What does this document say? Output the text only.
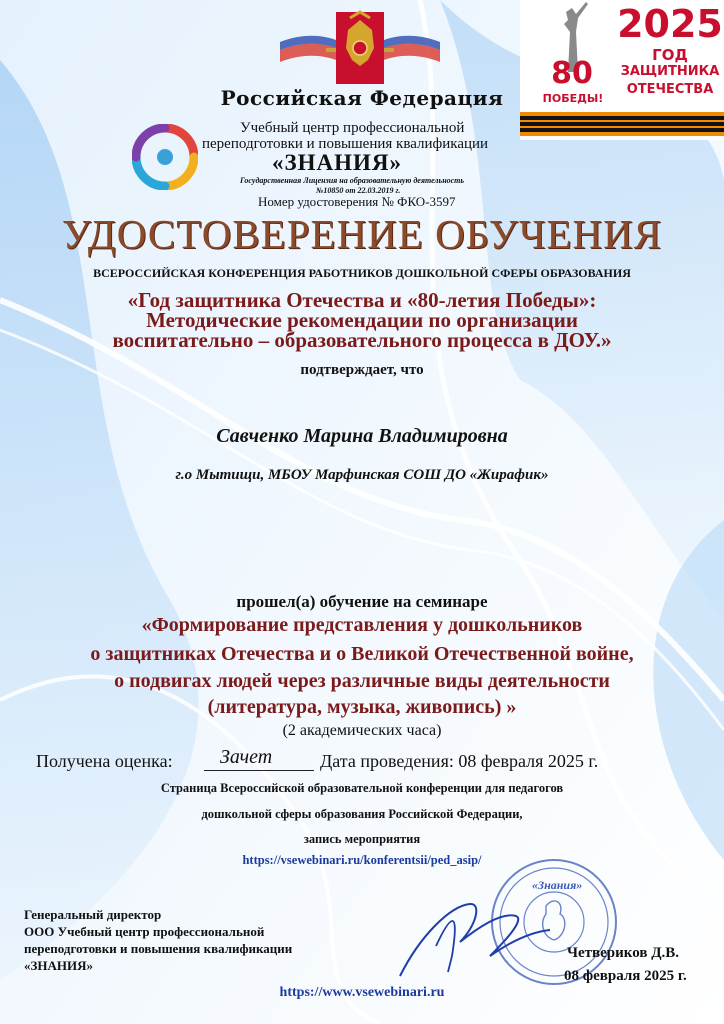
Российская Федерация
2025
ГОД
ЗАЩИТНИКА
ОТЕЧЕСТВА
80
ПОБЕДЫ!
Учебный центр профессиональной
переподготовки и повышения квалификации
«ЗНАНИЯ»
Государственная Лицензия на образовательную деятельность
№10850 от 22.03.2019 г.
Номер удостоверения № ФКО-3597
УДОСТОВЕРЕНИЕ ОБУЧЕНИЯ
ВСЕРОССИЙСКАЯ КОНФЕРЕНЦИЯ РАБОТНИКОВ ДОШКОЛЬНОЙ СФЕРЫ ОБРАЗОВАНИЯ
«Год защитника Отечества и «80-летия Победы»:
Методические рекомендации по организации
воспитательно – образовательного процесса в ДОУ.»
подтверждает, что
Савченко Марина Владимировна
г.о Мытищи, МБОУ Марфинская СОШ ДО «Жирафик»
прошел(а) обучение на семинаре
«Формирование представления у дошкольников
о защитниках Отечества и о Великой Отечественной войне,
о подвигах людей через различные виды деятельности
(литература, музыка, живопись) »
(2 академических часа)
Получена оценка: Зачет	Дата проведения: 08 февраля 2025 г.
Страница Всероссийской образовательной конференции для педагогов
дошкольной сферы образования Российской Федерации,
запись мероприятия
https://vsewebinari.ru/konferentsii/ped_asip/
«Знания»
Генеральный директор
ООО Учебный центр профессиональной
переподготовки и повышения квалификации
«ЗНАНИЯ»
Четвериков Д.В.
08 февраля 2025 г.
https://www.vsewebinari.ru
